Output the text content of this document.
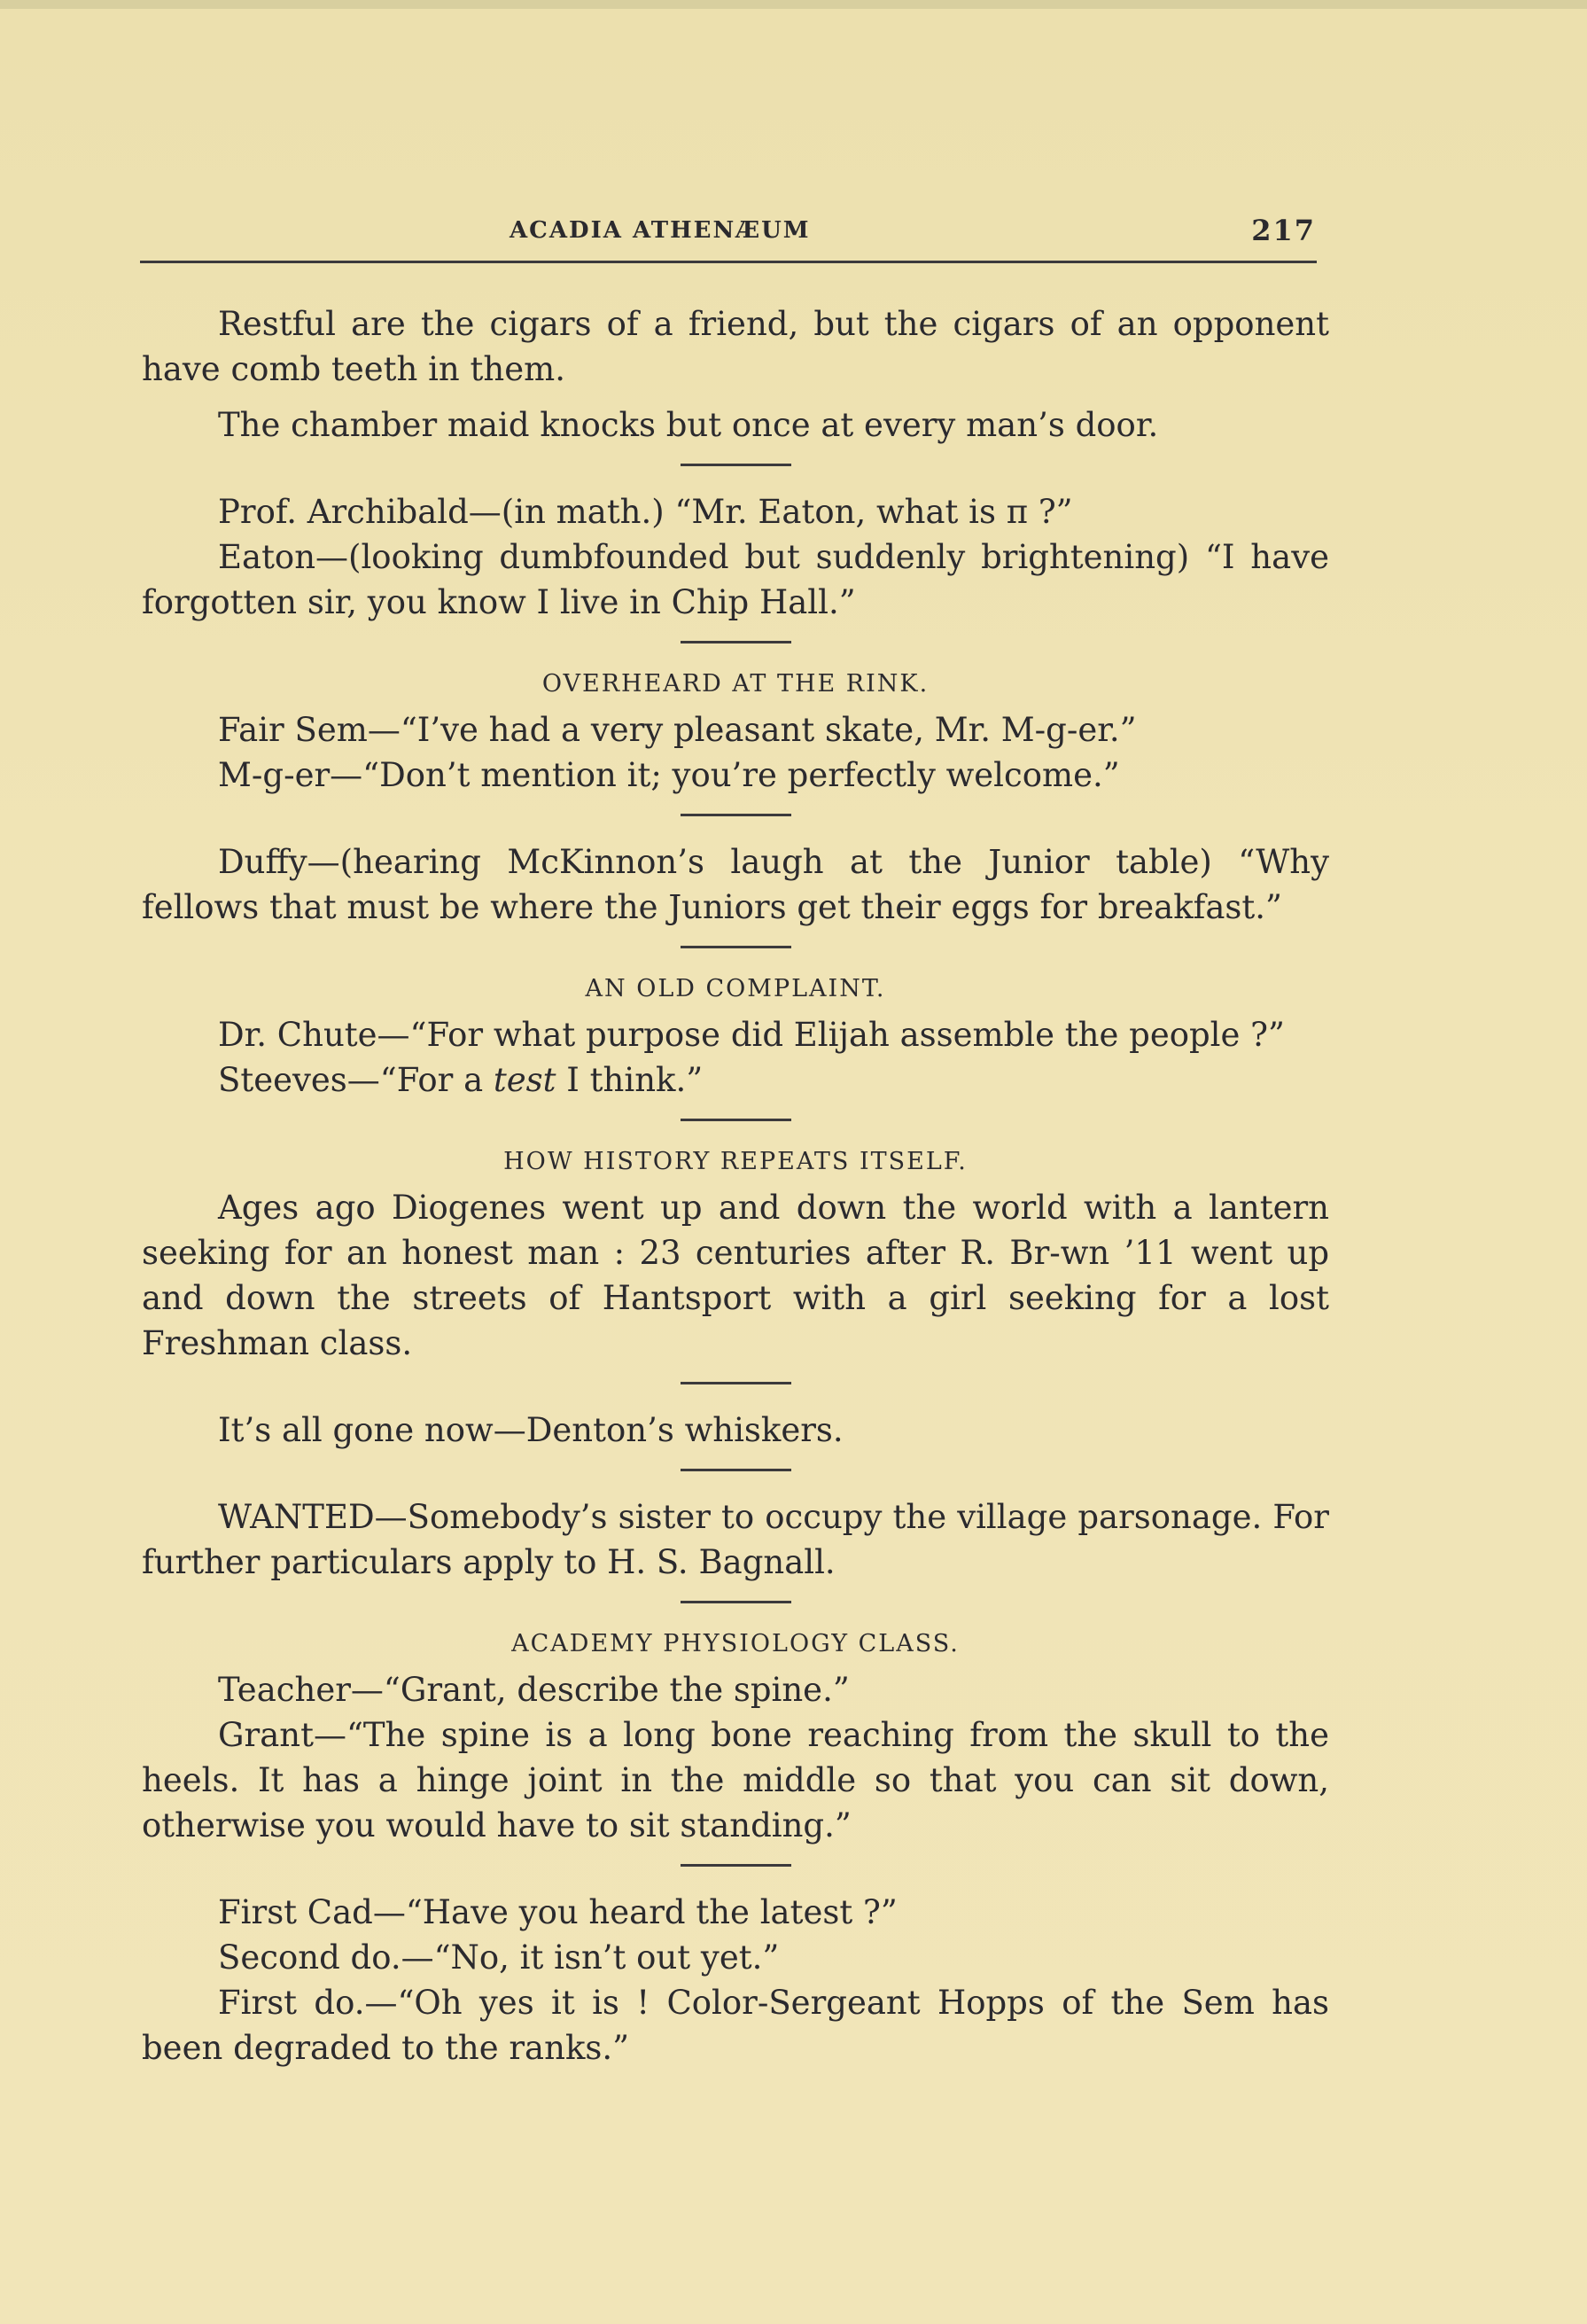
ACADIA ATHENÆUM	217

Restful are the cigars of a friend, but the cigars of an opponent have comb teeth in them.

The chamber maid knocks but once at every man’s door.

Prof. Archibald—(in math.) “Mr. Eaton, what is π ?”

Eaton—(looking dumbfounded but suddenly brightening) “I have forgotten sir, you know I live in Chip Hall.”

OVERHEARD AT THE RINK.

Fair Sem—“I’ve had a very pleasant skate, Mr. M-g-er.”

M-g-er—“Don’t mention it; you’re perfectly welcome.”

Duffy—(hearing McKinnon’s laugh at the Junior table) “Why fellows that must be where the Juniors get their eggs for breakfast.”

AN OLD COMPLAINT.

Dr. Chute—“For what purpose did Elijah assemble the people ?”

Steeves—“For a test I think.”

HOW HISTORY REPEATS ITSELF.

Ages ago Diogenes went up and down the world with a lantern seeking for an honest man : 23 centuries after R. Br-wn ’11 went up and down the streets of Hantsport with a girl seeking for a lost Freshman class.

It’s all gone now—Denton’s whiskers.

WANTED—Somebody’s sister to occupy the village parsonage. For further particulars apply to H. S. Bagnall.

ACADEMY PHYSIOLOGY CLASS.

Teacher—“Grant, describe the spine.”

Grant—“The spine is a long bone reaching from the skull to the heels. It has a hinge joint in the middle so that you can sit down, otherwise you would have to sit standing.”

First Cad—“Have you heard the latest ?”

Second do.—“No, it isn’t out yet.”

First do.—“Oh yes it is ! Color-Sergeant Hopps of the Sem has been degraded to the ranks.”
